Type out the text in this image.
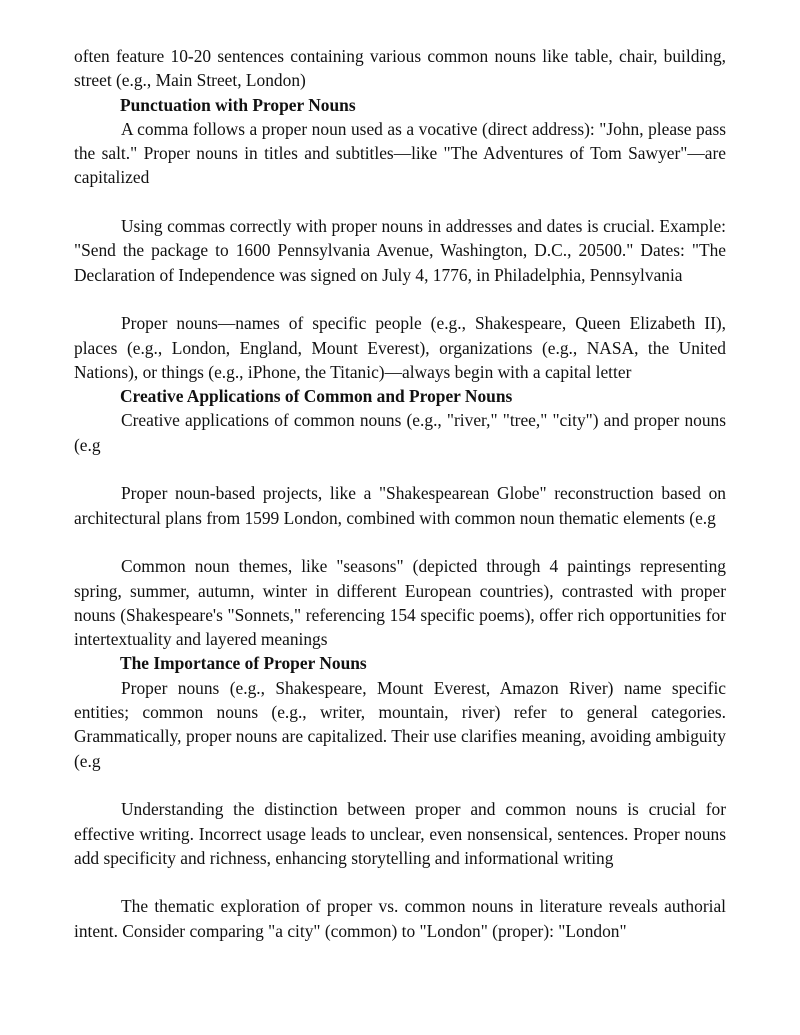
often feature 10-20 sentences containing various common nouns like table, chair, building, street (e.g., Main Street, London)

Punctuation with Proper Nouns

A comma follows a proper noun used as a vocative (direct address): "John, please pass the salt." Proper nouns in titles and subtitles—like "The Adventures of Tom Sawyer"—are capitalized

Using commas correctly with proper nouns in addresses and dates is crucial. Example: "Send the package to 1600 Pennsylvania Avenue, Washington, D.C., 20500." Dates: "The Declaration of Independence was signed on July 4, 1776, in Philadelphia, Pennsylvania

Proper nouns—names of specific people (e.g., Shakespeare, Queen Elizabeth II), places (e.g., London, England, Mount Everest), organizations (e.g., NASA, the United Nations), or things (e.g., iPhone, the Titanic)—always begin with a capital letter

Creative Applications of Common and Proper Nouns

Creative applications of common nouns (e.g., "river," "tree," "city") and proper nouns (e.g

Proper noun-based projects, like a "Shakespearean Globe" reconstruction based on architectural plans from 1599 London, combined with common noun thematic elements (e.g

Common noun themes, like "seasons" (depicted through 4 paintings representing spring, summer, autumn, winter in different European countries), contrasted with proper nouns (Shakespeare's "Sonnets," referencing 154 specific poems), offer rich opportunities for intertextuality and layered meanings

The Importance of Proper Nouns

Proper nouns (e.g., Shakespeare, Mount Everest, Amazon River) name specific entities; common nouns (e.g., writer, mountain, river) refer to general categories. Grammatically, proper nouns are capitalized. Their use clarifies meaning, avoiding ambiguity (e.g

Understanding the distinction between proper and common nouns is crucial for effective writing. Incorrect usage leads to unclear, even nonsensical, sentences. Proper nouns add specificity and richness, enhancing storytelling and informational writing

The thematic exploration of proper vs. common nouns in literature reveals authorial intent. Consider comparing "a city" (common) to "London" (proper): "London"
